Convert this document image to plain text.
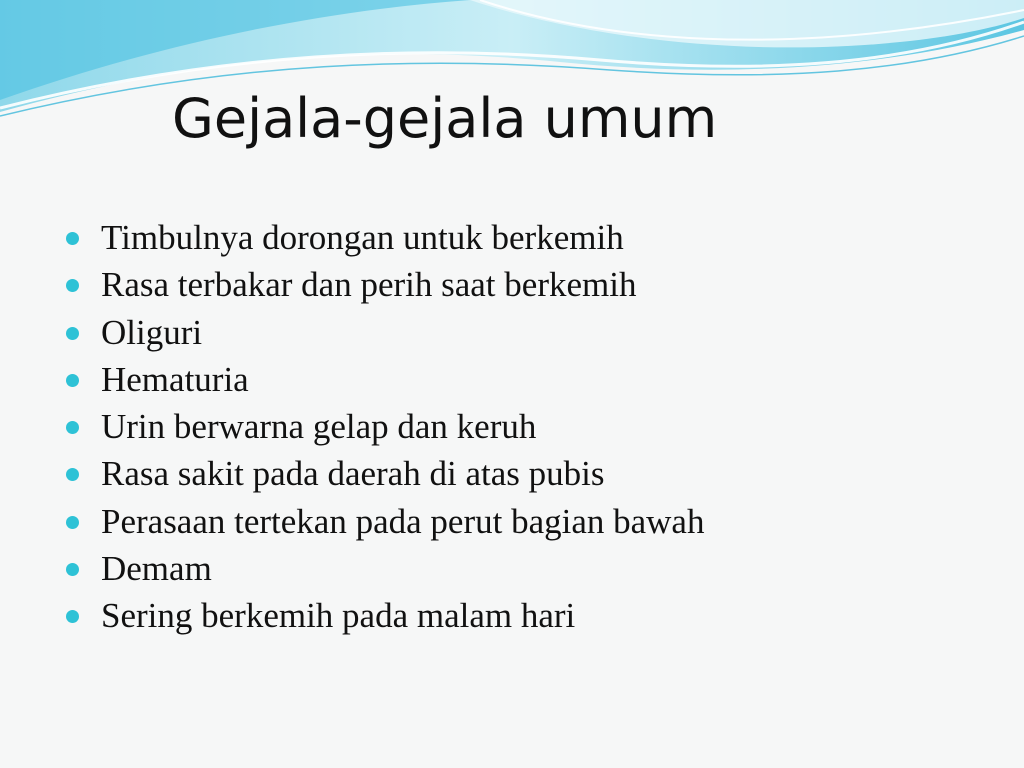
Gejala-gejala umum
Timbulnya dorongan untuk berkemih
Rasa terbakar dan perih saat berkemih
Oliguri
Hematuria
Urin berwarna gelap dan keruh
Rasa sakit pada daerah di atas pubis
Perasaan tertekan pada perut bagian bawah
Demam
Sering berkemih pada malam hari
